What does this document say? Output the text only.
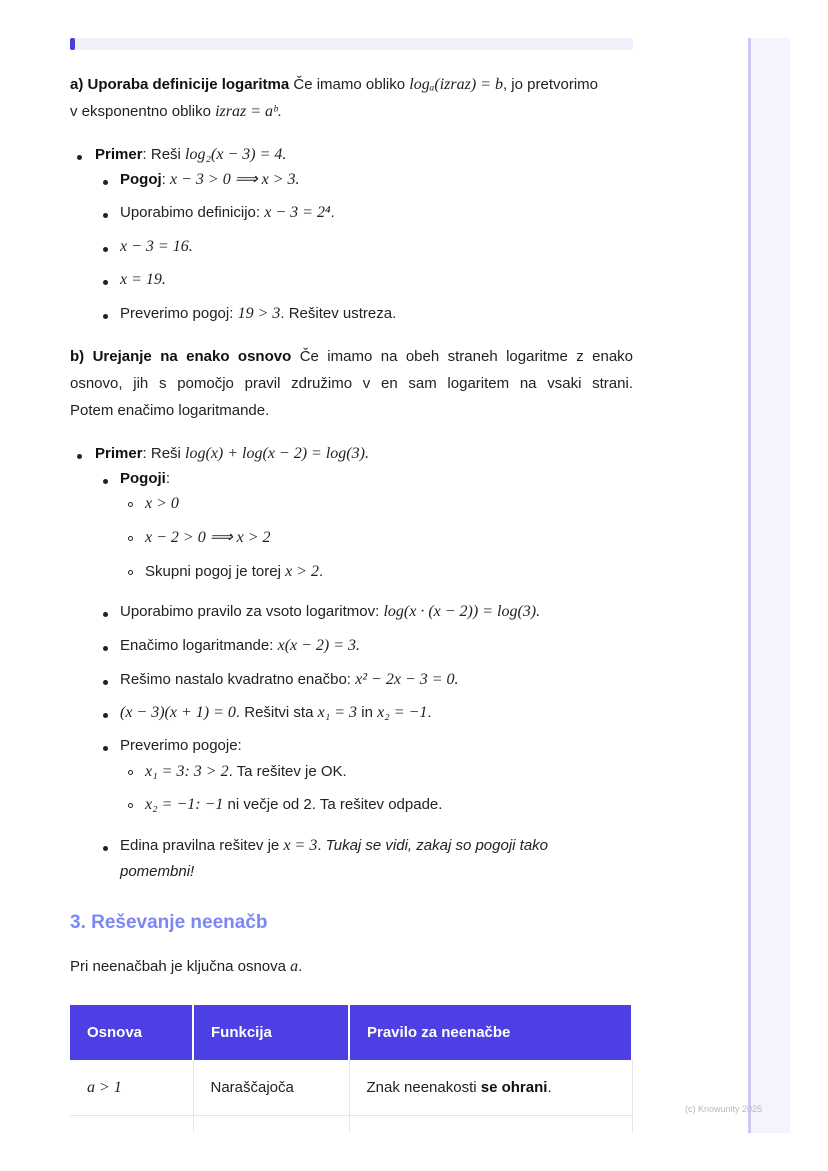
a) Uporaba definicije logaritma Če imamo obliko logₐ(izraz) = b, jo pretvorimo
v eksponentno obliko izraz = aᵇ.
Primer: Reši log₂(x − 3) = 4.
Pogoj: x − 3 > 0 ⟹ x > 3.
Uporabimo definicijo: x − 3 = 2⁴.
x − 3 = 16.
x = 19.
Preverimo pogoj: 19 > 3. Rešitev ustreza.
b) Urejanje na enako osnovo Če imamo na obeh straneh logaritme z enako
osnovo, jih s pomočjo pravil združimo v en sam logaritem na vsaki strani.
Potem enačimo logaritmande.
Primer: Reši log(x) + log(x − 2) = log(3).
Pogoji:
x > 0
x − 2 > 0 ⟹ x > 2
Skupni pogoj je torej x > 2.
Uporabimo pravilo za vsoto logaritmov: log(x · (x − 2)) = log(3).
Enačimo logaritmande: x(x − 2) = 3.
Rešimo nastalo kvadratno enačbo: x² − 2x − 3 = 0.
(x − 3)(x + 1) = 0. Rešitvi sta x₁ = 3 in x₂ = −1.
Preverimo pogoje:
x₁ = 3: 3 > 2. Ta rešitev je OK.
x₂ = −1: −1 ni večje od 2. Ta rešitev odpade.
Edina pravilna rešitev je x = 3. Tukaj se vidi, zakaj so pogoji tako
pomembni!
3. Reševanje neenačb
Pri neenačbah je ključna osnova a.
Osnova	Funkcija	Pravilo za neenačbe
a > 1	Naraščajoča	Znak neenakosti se ohrani.

(c) Knowunity 2025
